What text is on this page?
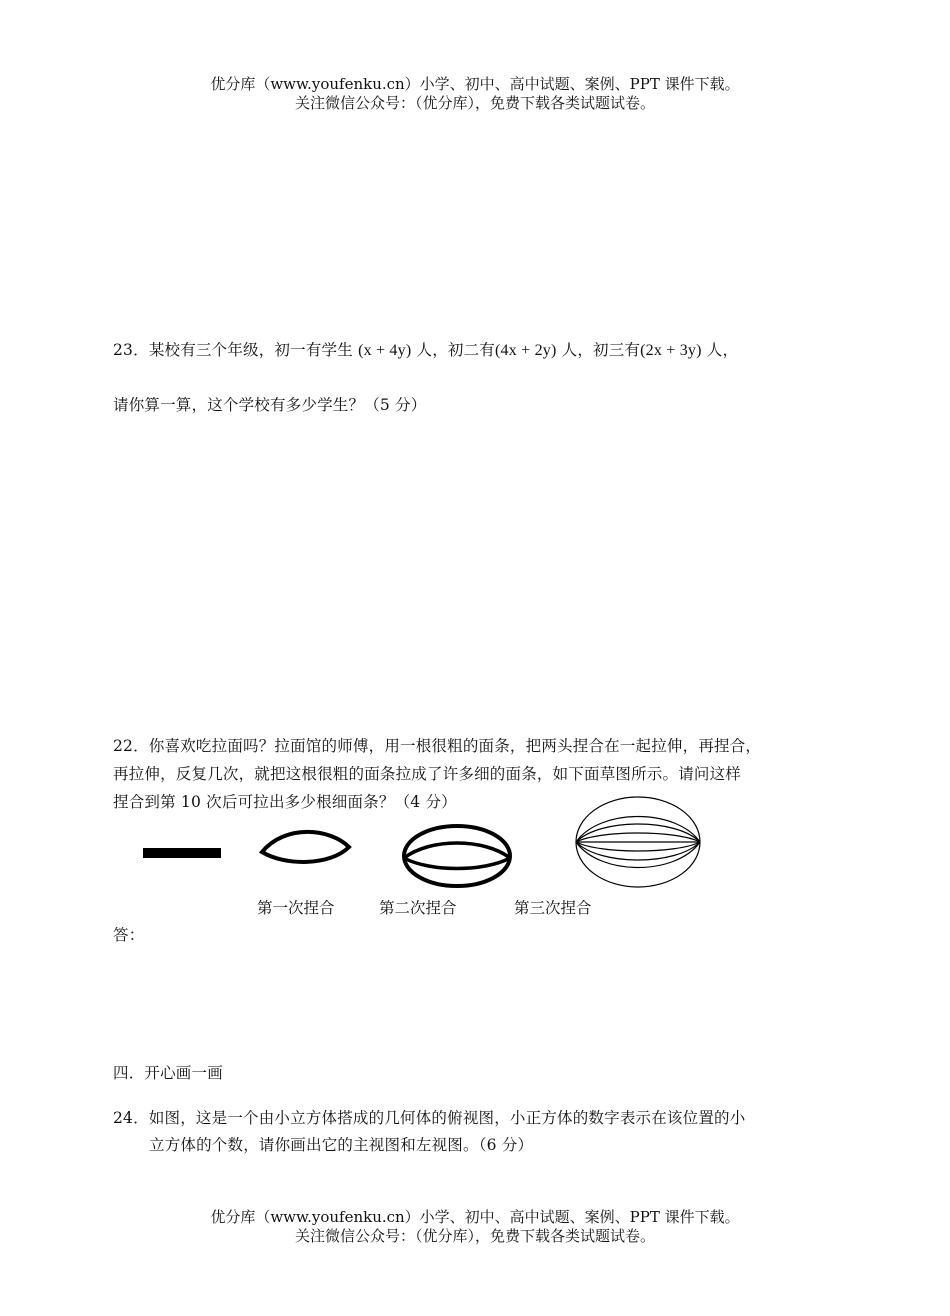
优分库（www.youfenku.cn）小学、初中、高中试题、案例、PPT 课件下载。
关注微信公众号：（优分库），免费下载各类试题试卷。
23．某校有三个年级，初一有学生 (x + 4y) 人，初二有(4x + 2y) 人，初三有(2x + 3y) 人，
请你算一算，这个学校有多少学生？（5 分）
22．你喜欢吃拉面吗？拉面馆的师傅，用一根很粗的面条，把两头捏合在一起拉伸，再捏合，
再拉伸，反复几次，就把这根很粗的面条拉成了许多细的面条，如下面草图所示。请问这样
捏合到第 10 次后可拉出多少根细面条？（4 分）
第一次捏合	第二次捏合	第三次捏合
答：
四．开心画一画
24．如图，这是一个由小立方体搭成的几何体的俯视图，小正方体的数字表示在该位置的小
立方体的个数，请你画出它的主视图和左视图。（6 分）
优分库（www.youfenku.cn）小学、初中、高中试题、案例、PPT 课件下载。
关注微信公众号：（优分库），免费下载各类试题试卷。
